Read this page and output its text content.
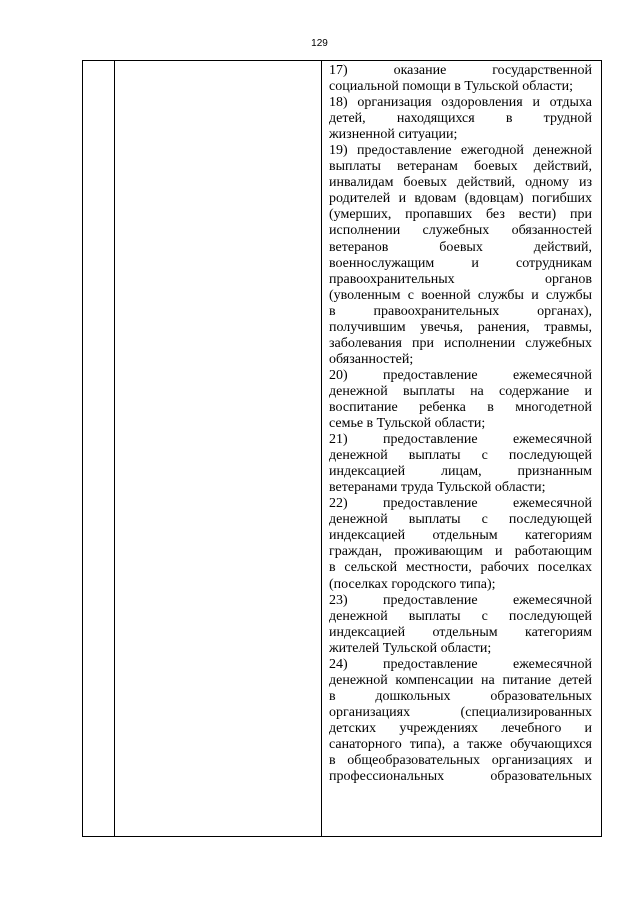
129

17) оказание государственной
социальной помощи в Тульской области;
18) организация оздоровления и отдыха
детей, находящихся в трудной
жизненной ситуации;
19) предоставление ежегодной денежной
выплаты ветеранам боевых действий,
инвалидам боевых действий, одному из
родителей и вдовам (вдовцам) погибших
(умерших, пропавших без вести) при
исполнении служебных обязанностей
ветеранов боевых действий,
военнослужащим и сотрудникам
правоохранительных органов
(уволенным с военной службы и службы
в правоохранительных органах),
получившим увечья, ранения, травмы,
заболевания при исполнении служебных
обязанностей;
20) предоставление ежемесячной
денежной выплаты на содержание и
воспитание ребенка в многодетной
семье в Тульской области;
21) предоставление ежемесячной
денежной выплаты с последующей
индексацией лицам, признанным
ветеранами труда Тульской области;
22) предоставление ежемесячной
денежной выплаты с последующей
индексацией отдельным категориям
граждан, проживающим и работающим
в сельской местности, рабочих поселках
(поселках городского типа);
23) предоставление ежемесячной
денежной выплаты с последующей
индексацией отдельным категориям
жителей Тульской области;
24) предоставление ежемесячной
денежной компенсации на питание детей
в дошкольных образовательных
организациях (специализированных
детских учреждениях лечебного и
санаторного типа), а также обучающихся
в общеобразовательных организациях и
профессиональных образовательных
